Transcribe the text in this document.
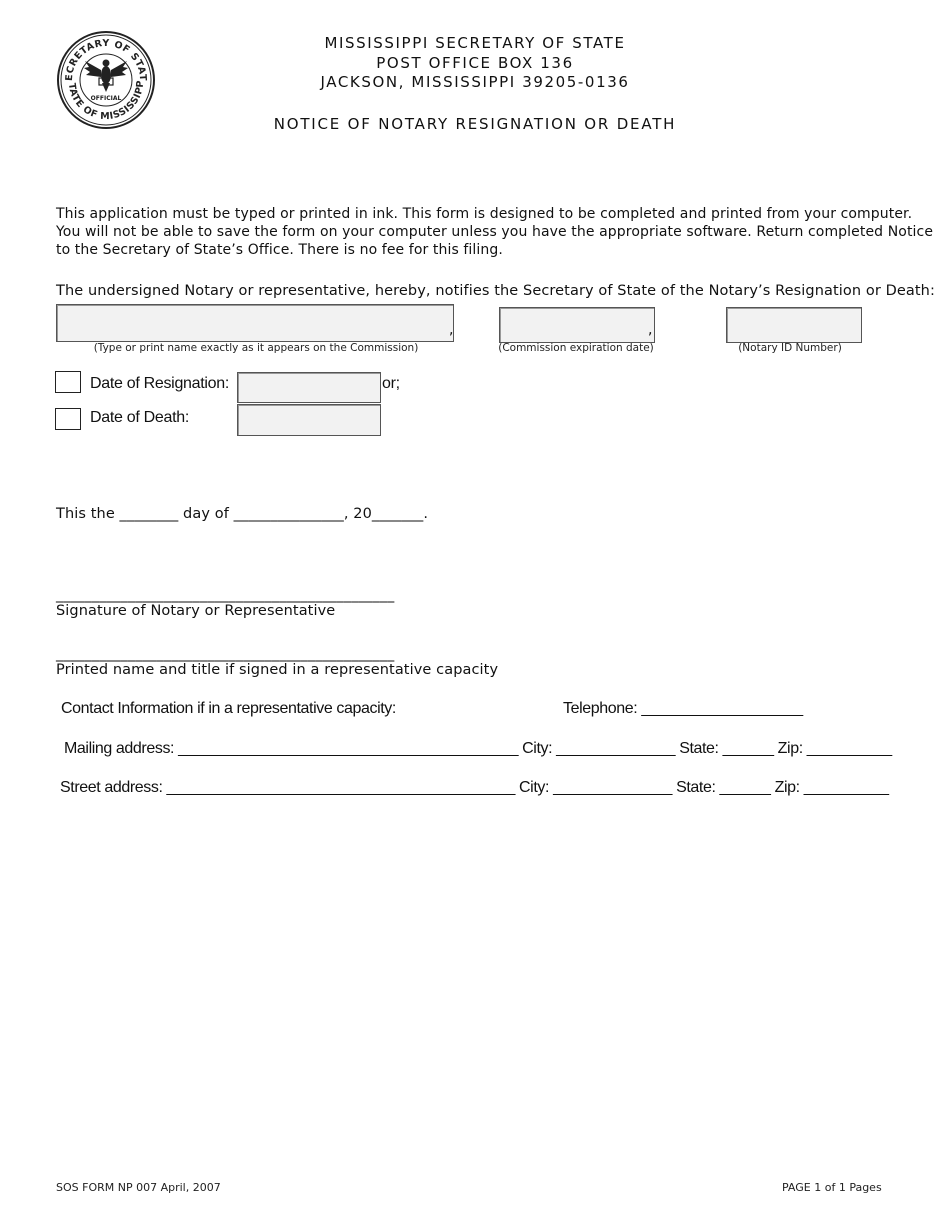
ECRETARY OF STAT
TATE OF MISSISSIPP
OFFICIAL
MISSISSIPPI SECRETARY OF STATE
POST OFFICE BOX 136
JACKSON, MISSISSIPPI 39205-0136
NOTICE OF NOTARY RESIGNATION OR DEATH
This application must be typed or printed in ink. This form is designed to be completed and printed from your computer.
You will not be able to save the form on your computer unless you have the appropriate software. Return completed Notice
to the Secretary of State’s Office. There is no fee for this filing.
The undersigned Notary or representative, hereby, notifies the Secretary of State of the Notary’s Resignation or Death:
,
(Type or print name exactly as it appears on the Commission)
,
(Commission expiration date)	(Notary ID Number)
Date of Resignation:	or;
Date of Death:
This the ________ day of _______________, 20_______.
_______________________________________________
Signature of Notary or Representative
_______________________________________________
Printed name and title if signed in a representative capacity
Contact Information if in a representative capacity:	Telephone: ___________________
Mailing address: ________________________________________ City: ______________ State: ______ Zip: __________
Street address: _________________________________________ City: ______________ State: ______ Zip: __________
SOS FORM NP 007 April, 2007	PAGE 1 of 1 Pages
